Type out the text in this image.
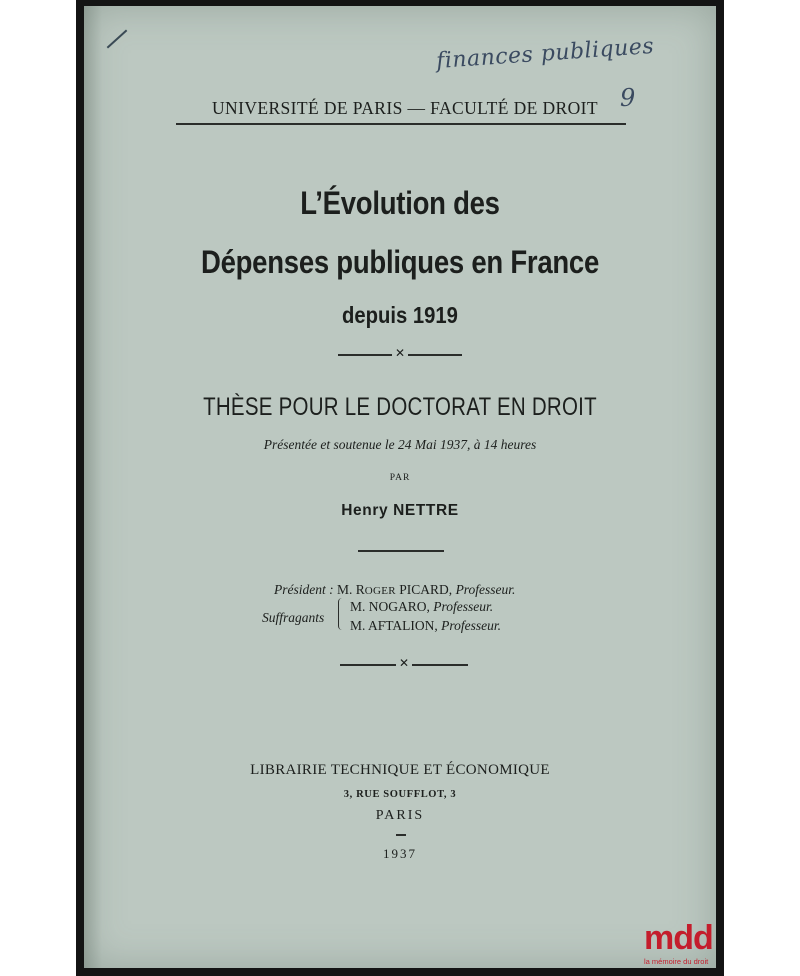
finances publiques
9
UNIVERSITÉ DE PARIS — FACULTÉ DE DROIT
L’Évolution des
Dépenses publiques en France
depuis 1919
✕
THÈSE POUR LE DOCTORAT EN DROIT
Présentée et soutenue le 24 Mai 1937, à 14 heures
PAR
Henry NETTRE
Président : M. ROGER PICARD, Professeur.
Suffragants
M. NOGARO, Professeur.
M. AFTALION, Professeur.
✕
LIBRAIRIE TECHNIQUE ET ÉCONOMIQUE
3, RUE SOUFFLOT, 3
PARIS
1937
mdd
la mémoire du droit
